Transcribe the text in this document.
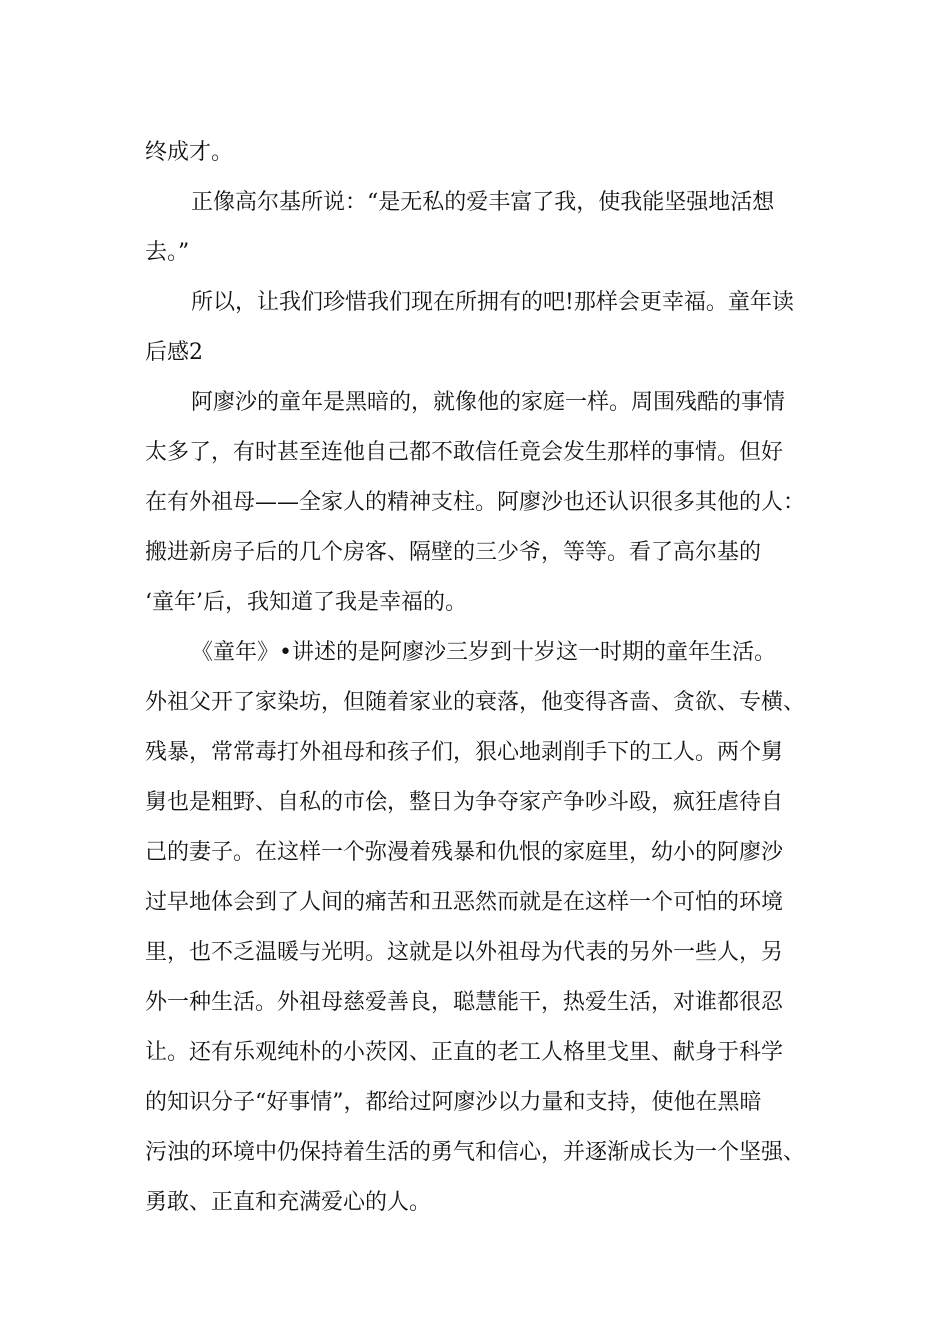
终成才。
正像高尔基所说：“是无私的爱丰富了我，使我能坚强地活想
去。”
所以，让我们珍惜我们现在所拥有的吧!那样会更幸福。童年读
后感2
阿廖沙的童年是黑暗的，就像他的家庭一样。周围残酷的事情
太多了，有时甚至连他自己都不敢信任竟会发生那样的事情。但好
在有外祖母——全家人的精神支柱。阿廖沙也还认识很多其他的人：
搬进新房子后的几个房客、隔壁的三少爷，等等。看了高尔基的
‘童年’后，我知道了我是幸福的。
《童年》•讲述的是阿廖沙三岁到十岁这一时期的童年生活。
外祖父开了家染坊，但随着家业的衰落，他变得吝啬、贪欲、专横、
残暴，常常毒打外祖母和孩子们，狠心地剥削手下的工人。两个舅
舅也是粗野、自私的市侩，整日为争夺家产争吵斗殴，疯狂虐待自
己的妻子。在这样一个弥漫着残暴和仇恨的家庭里，幼小的阿廖沙
过早地体会到了人间的痛苦和丑恶然而就是在这样一个可怕的环境
里，也不乏温暖与光明。这就是以外祖母为代表的另外一些人，另
外一种生活。外祖母慈爱善良，聪慧能干，热爱生活，对谁都很忍
让。还有乐观纯朴的小茨冈、正直的老工人格里戈里、献身于科学
的知识分子“好事情”，都给过阿廖沙以力量和支持，使他在黑暗
污浊的环境中仍保持着生活的勇气和信心，并逐渐成长为一个坚强、
勇敢、正直和充满爱心的人。
